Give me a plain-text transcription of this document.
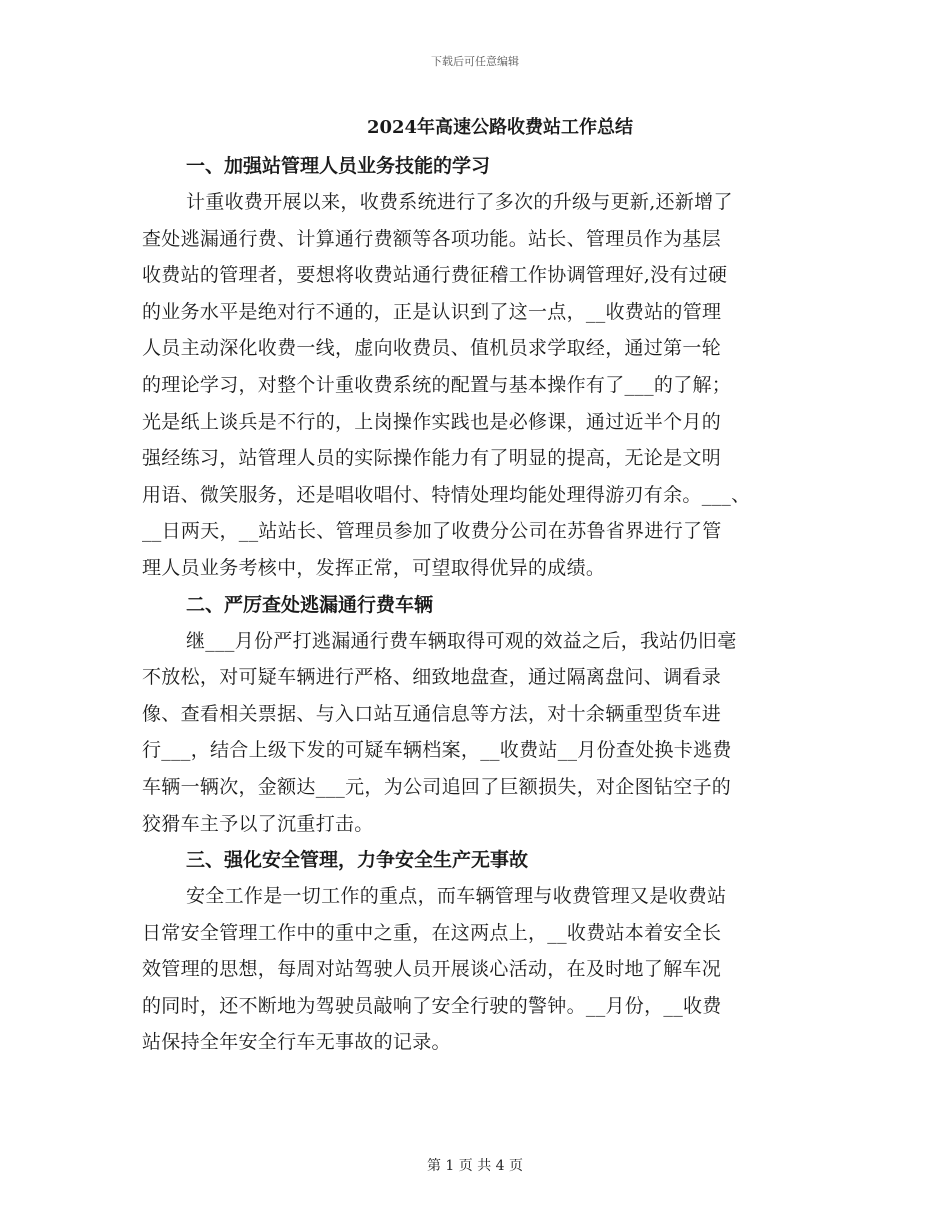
下载后可任意编辑
2024年高速公路收费站工作总结
一、加强站管理人员业务技能的学习
计重收费开展以来，收费系统进行了多次的升级与更新,还新增了
查处逃漏通行费、计算通行费额等各项功能。站长、管理员作为基层
收费站的管理者，要想将收费站通行费征稽工作协调管理好,没有过硬
的业务水平是绝对行不通的，正是认识到了这一点，__收费站的管理
人员主动深化收费一线，虚向收费员、值机员求学取经，通过第一轮
的理论学习，对整个计重收费系统的配置与基本操作有了___的了解；
光是纸上谈兵是不行的，上岗操作实践也是必修课，通过近半个月的
强经练习，站管理人员的实际操作能力有了明显的提高，无论是文明
用语、微笑服务，还是唱收唱付、特情处理均能处理得游刃有余。___、
__日两天，__站站长、管理员参加了收费分公司在苏鲁省界进行了管
理人员业务考核中，发挥正常，可望取得优异的成绩。
二、严厉查处逃漏通行费车辆
继___月份严打逃漏通行费车辆取得可观的效益之后，我站仍旧毫
不放松，对可疑车辆进行严格、细致地盘查，通过隔离盘问、调看录
像、查看相关票据、与入口站互通信息等方法，对十余辆重型货车进
行___，结合上级下发的可疑车辆档案，__收费站__月份查处换卡逃费
车辆一辆次，金额达___元，为公司追回了巨额损失，对企图钻空子的
狡猾车主予以了沉重打击。
三、强化安全管理，力争安全生产无事故
安全工作是一切工作的重点，而车辆管理与收费管理又是收费站
日常安全管理工作中的重中之重，在这两点上，__收费站本着安全长
效管理的思想，每周对站驾驶人员开展谈心活动，在及时地了解车况
的同时，还不断地为驾驶员敲响了安全行驶的警钟。__月份，__收费
站保持全年安全行车无事故的记录。
第 1 页 共 4 页
